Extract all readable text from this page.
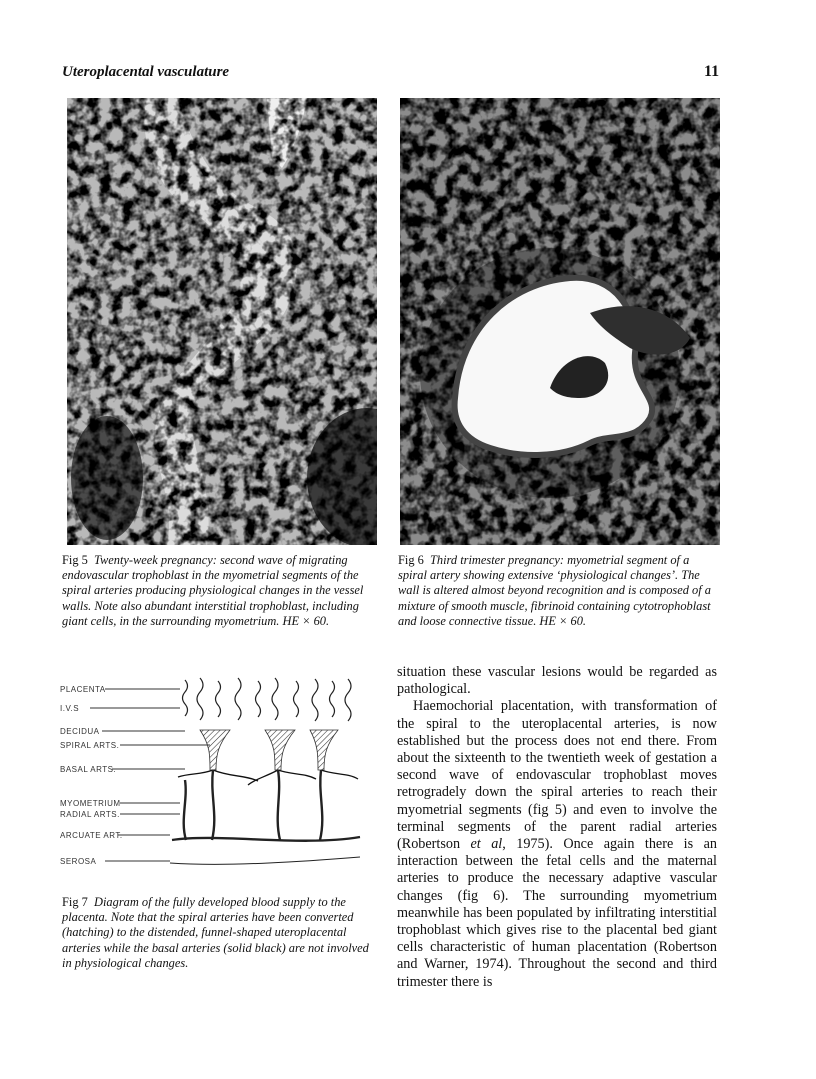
Uteroplacental vasculature	11
Fig 5 Twenty-week pregnancy: second wave of migrating endovascular trophoblast in the myometrial segments of the spiral arteries producing physiological changes in the vessel walls. Note also abundant interstitial trophoblast, including giant cells, in the surrounding myometrium. HE × 60.
Fig 6 Third trimester pregnancy: myometrial segment of a spiral artery showing extensive ‘physiological changes’. The wall is altered almost beyond recognition and is composed of a mixture of smooth muscle, fibrinoid containing cytotrophoblast and loose connective tissue. HE × 60.
PLACENTA
I.V.S
DECIDUA
SPIRAL ARTS.
BASAL ARTS.
MYOMETRIUM
RADIAL ARTS.
ARCUATE ART.
SEROSA
Fig 7 Diagram of the fully developed blood supply to the placenta. Note that the spiral arteries have been converted (hatching) to the distended, funnel-shaped uteroplacental arteries while the basal arteries (solid black) are not involved in physiological changes.

situation these vascular lesions would be regarded as pathological.

Haemochorial placentation, with transformation of the spiral to the uteroplacental arteries, is now established but the process does not end there. From about the sixteenth to the twentieth week of gestation a second wave of endovascular trophoblast moves retrogradely down the spiral arteries to reach their myometrial segments (fig 5) and even to involve the terminal segments of the parent radial arteries (Robertson et al, 1975). Once again there is an interaction between the fetal cells and the maternal arteries to produce the necessary adaptive vascular changes (fig 6). The surrounding myometrium meanwhile has been populated by infiltrating interstitial trophoblast which gives rise to the placental bed giant cells characteristic of human placentation (Robertson and Warner, 1974). Throughout the second and third trimester there is
